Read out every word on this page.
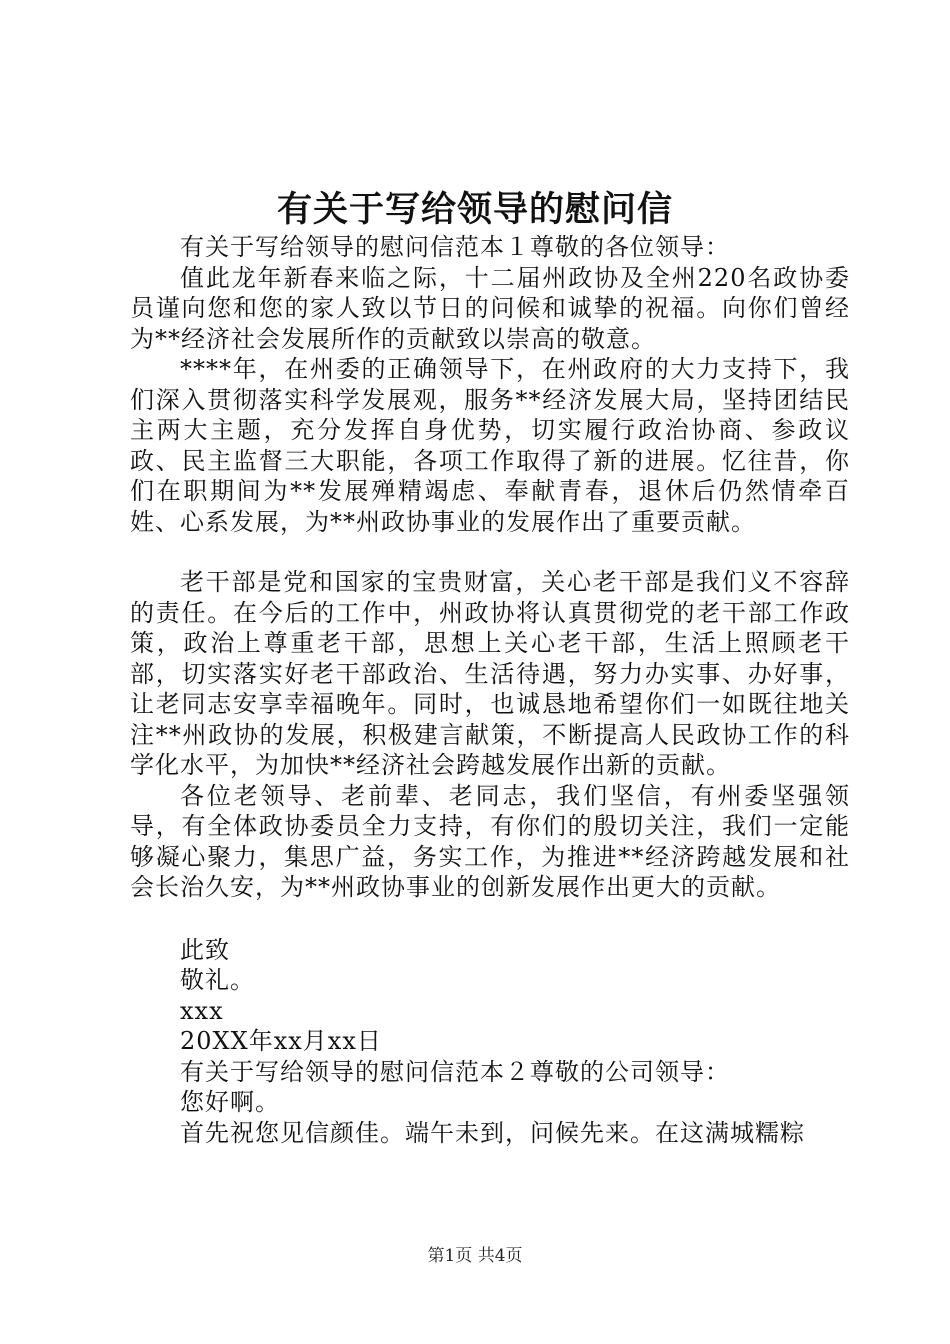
有关于写给领导的慰问信

有关于写给领导的慰问信范本１尊敬的各位领导：

值此龙年新春来临之际，十二届州政协及全州220名政协委员谨向您和您的家人致以节日的问候和诚挚的祝福。向你们曾经为**经济社会发展所作的贡献致以崇高的敬意。

****年，在州委的正确领导下，在州政府的大力支持下，我们深入贯彻落实科学发展观，服务**经济发展大局，坚持团结民主两大主题，充分发挥自身优势，切实履行政治协商、参政议政、民主监督三大职能，各项工作取得了新的进展。忆往昔，你们在职期间为**发展殚精竭虑、奉献青春，退休后仍然情牵百姓、心系发展，为**州政协事业的发展作出了重要贡献。

老干部是党和国家的宝贵财富，关心老干部是我们义不容辞的责任。在今后的工作中，州政协将认真贯彻党的老干部工作政策，政治上尊重老干部，思想上关心老干部，生活上照顾老干部，切实落实好老干部政治、生活待遇，努力办实事、办好事，让老同志安享幸福晚年。同时，也诚恳地希望你们一如既往地关注**州政协的发展，积极建言献策，不断提高人民政协工作的科学化水平，为加快**经济社会跨越发展作出新的贡献。

各位老领导、老前辈、老同志，我们坚信，有州委坚强领导，有全体政协委员全力支持，有你们的殷切关注，我们一定能够凝心聚力，集思广益，务实工作，为推进**经济跨越发展和社会长治久安，为**州政协事业的创新发展作出更大的贡献。

此致

敬礼。

xxx

20XX年xx月xx日

有关于写给领导的慰问信范本２尊敬的公司领导：

您好啊。

首先祝您见信颜佳。端午未到，问候先来。在这满城糯粽

第1页 共4页
